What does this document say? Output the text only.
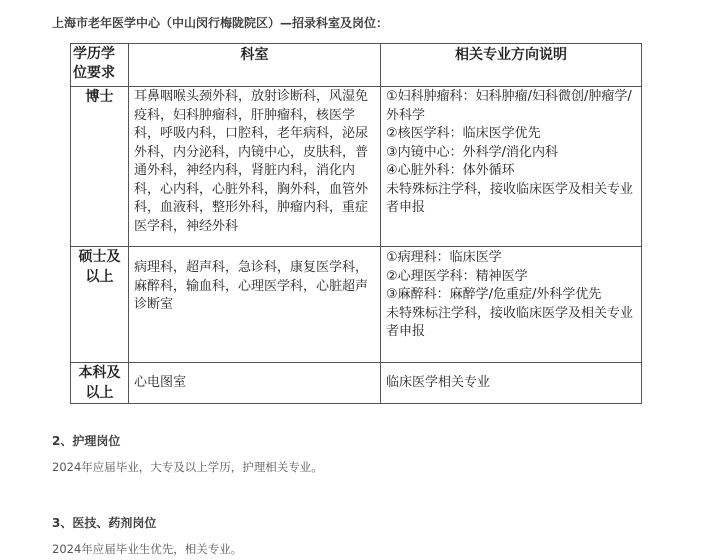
上海市老年医学中心（中山闵行梅陇院区）—招录科室及岗位：
学历学位要求	科室	相关专业方向说明
博士	耳鼻咽喉头颈外科，放射诊断科，风湿免疫科，妇科肿瘤科，肝肿瘤科，核医学科，呼吸内科，口腔科，老年病科，泌尿外科，内分泌科，内镜中心，皮肤科，普通外科，神经内科，肾脏内科，消化内科，心内科，心脏外科，胸外科，血管外科，血液科，整形外科，肿瘤内科，重症医学科，神经外科	①妇科肿瘤科：妇科肿瘤/妇科微创/肿瘤学/外科学
②核医学科：临床医学优先
③内镜中心：外科学/消化内科
④心脏外科：体外循环
未特殊标注学科，接收临床医学及相关专业者申报

硕士及以上	病理科，超声科，急诊科，康复医学科，麻醉科，输血科，心理医学科，心脏超声诊断室	①病理科：临床医学
②心理医学科：精神医学
③麻醉科：麻醉学/危重症/外科学优先
未特殊标注学科，接收临床医学及相关专业者申报

本科及以上	心电图室	临床医学相关专业
2、护理岗位
2024年应届毕业，大专及以上学历，护理相关专业。
3、医技、药剂岗位
2024年应届毕业生优先，相关专业。
